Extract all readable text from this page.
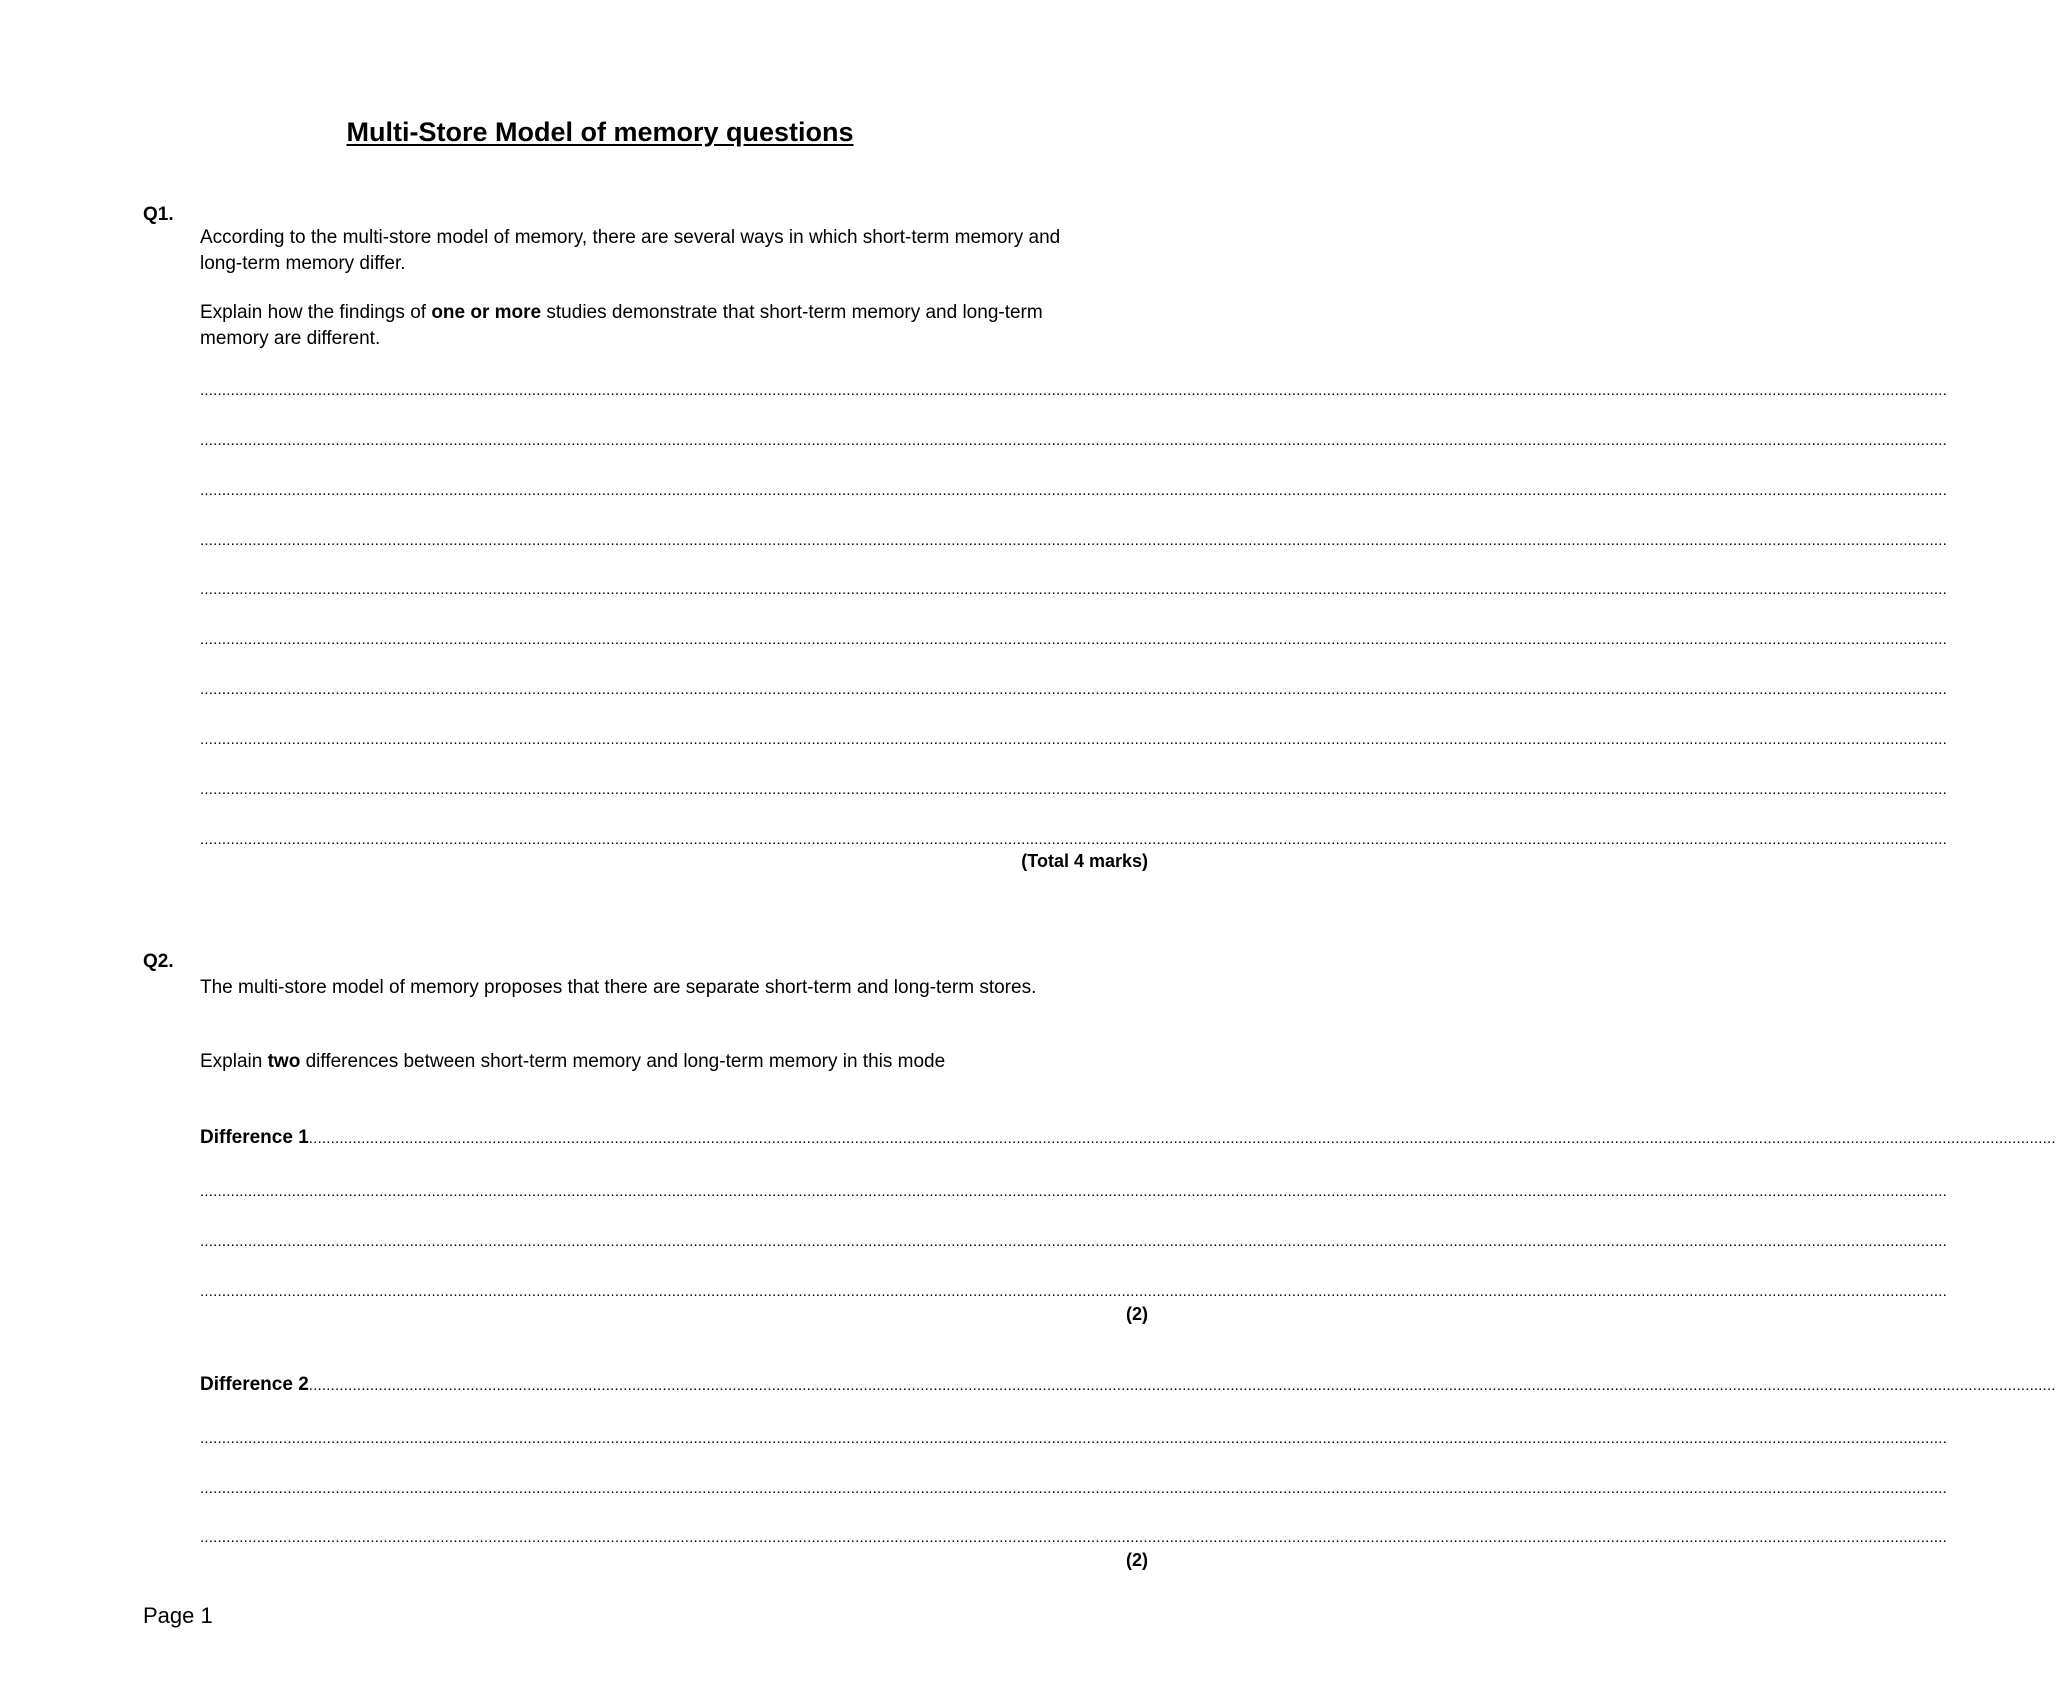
Multi-Store Model of memory questions
Q1.

According to the multi-store model of memory, there are several ways in which short-term memory and long-term memory differ.

Explain how the findings of one or more studies demonstrate that short-term memory and long-term memory are different.

................................................................................................................................................................................................................................................................................................................................................................................................................
................................................................................................................................................................................................................................................................................................................................................................................................................
................................................................................................................................................................................................................................................................................................................................................................................................................
................................................................................................................................................................................................................................................................................................................................................................................................................
................................................................................................................................................................................................................................................................................................................................................................................................................
................................................................................................................................................................................................................................................................................................................................................................................................................
................................................................................................................................................................................................................................................................................................................................................................................................................
................................................................................................................................................................................................................................................................................................................................................................................................................
................................................................................................................................................................................................................................................................................................................................................................................................................
................................................................................................................................................................................................................................................................................................................................................................................................................
(Total 4 marks)
Q2.

The multi-store model of memory proposes that there are separate short-term and long-term stores.

Explain two differences between short-term memory and long-term memory in this mode

Difference 1................................................................................................................................................................................................................................................................................................................................................................................................................
................................................................................................................................................................................................................................................................................................................................................................................................................
................................................................................................................................................................................................................................................................................................................................................................................................................
................................................................................................................................................................................................................................................................................................................................................................................................................
(2)
Difference 2................................................................................................................................................................................................................................................................................................................................................................................................................
................................................................................................................................................................................................................................................................................................................................................................................................................
................................................................................................................................................................................................................................................................................................................................................................................................................
................................................................................................................................................................................................................................................................................................................................................................................................................
(2)
Page 1
